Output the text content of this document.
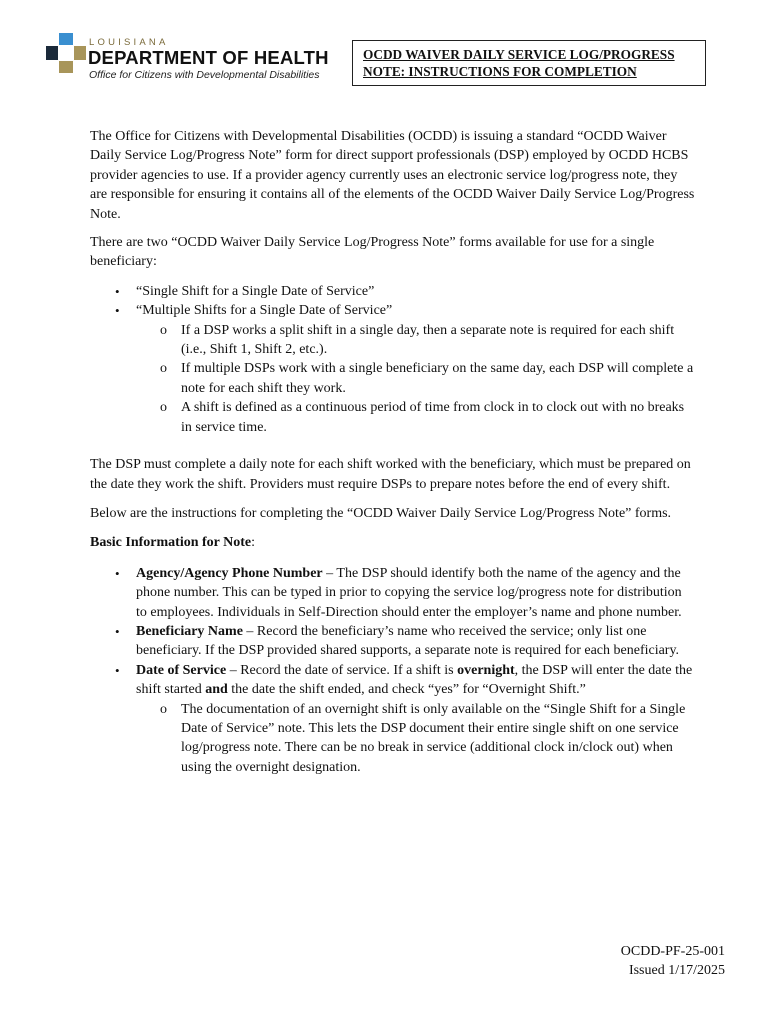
LOUISIANA
DEPARTMENT OF HEALTH
Office for Citizens with Developmental Disabilities
OCDD WAIVER DAILY SERVICE LOG/PROGRESS
NOTE: INSTRUCTIONS FOR COMPLETION

The Office for Citizens with Developmental Disabilities (OCDD) is issuing a standard “OCDD Waiver Daily Service Log/Progress Note” form for direct support professionals (DSP) employed by OCDD HCBS provider agencies to use. If a provider agency currently uses an electronic service log/progress note, they are responsible for ensuring it contains all of the elements of the OCDD Waiver Daily Service Log/Progress Note.

There are two “OCDD Waiver Daily Service Log/Progress Note” forms available for use for a single beneficiary:

• “Single Shift for a Single Date of Service”
• “Multiple Shifts for a Single Date of Service”
o If a DSP works a split shift in a single day, then a separate note is required for each shift (i.e., Shift 1, Shift 2, etc.).
o If multiple DSPs work with a single beneficiary on the same day, each DSP will complete a note for each shift they work.
o A shift is defined as a continuous period of time from clock in to clock out with no breaks in service time.

The DSP must complete a daily note for each shift worked with the beneficiary, which must be prepared on the date they work the shift. Providers must require DSPs to prepare notes before the end of every shift.

Below are the instructions for completing the “OCDD Waiver Daily Service Log/Progress Note” forms.

Basic Information for Note:

• Agency/Agency Phone Number – The DSP should identify both the name of the agency and the phone number. This can be typed in prior to copying the service log/progress note for distribution to employees. Individuals in Self-Direction should enter the employer’s name and phone number.
• Beneficiary Name – Record the beneficiary’s name who received the service; only list one beneficiary. If the DSP provided shared supports, a separate note is required for each beneficiary.
• Date of Service – Record the date of service. If a shift is overnight, the DSP will enter the date the shift started and the date the shift ended, and check “yes” for “Overnight Shift.”
o The documentation of an overnight shift is only available on the “Single Shift for a Single Date of Service” note. This lets the DSP document their entire single shift on one service log/progress note. There can be no break in service (additional clock in/clock out) when using the overnight designation.
OCDD-PF-25-001
Issued 1/17/2025
